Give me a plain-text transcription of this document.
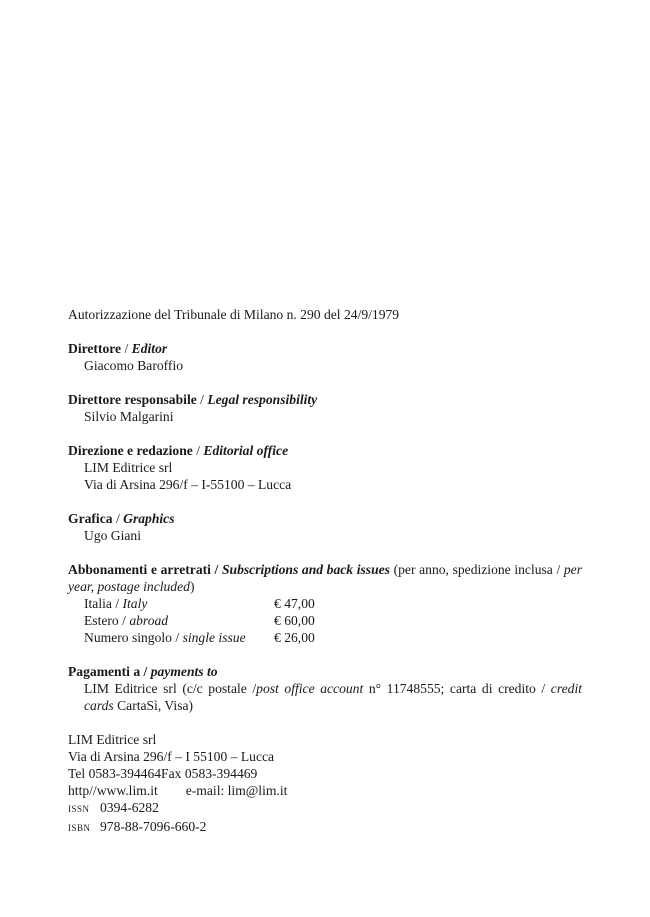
Autorizzazione del Tribunale di Milano n. 290 del 24/9/1979
Direttore / Editor
Giacomo Baroffio
Direttore responsabile / Legal responsibility
Silvio Malgarini
Direzione e redazione / Editorial office
LIM Editrice srl
Via di Arsina 296/f – I-55100 – Lucca
Grafica / Graphics
Ugo Giani
Abbonamenti e arretrati / Subscriptions and back issues (per anno, spedizione inclusa / per year, postage included)
Italia / Italy	€ 47,00
Estero / abroad	€ 60,00
Numero singolo / single issue	€ 26,00
Pagamenti a / payments to
LIM Editrice srl (c/c postale /post office account n° 11748555; carta di credito / credit cards CartaSì, Visa)
LIM Editrice srl
Via di Arsina 296/f – I 55100 – Lucca
Tel 0583-394464Fax 0583-394469
http//www.lim.it e-mail: lim@lim.it
ISSN 0394-6282
ISBN 978-88-7096-660-2
